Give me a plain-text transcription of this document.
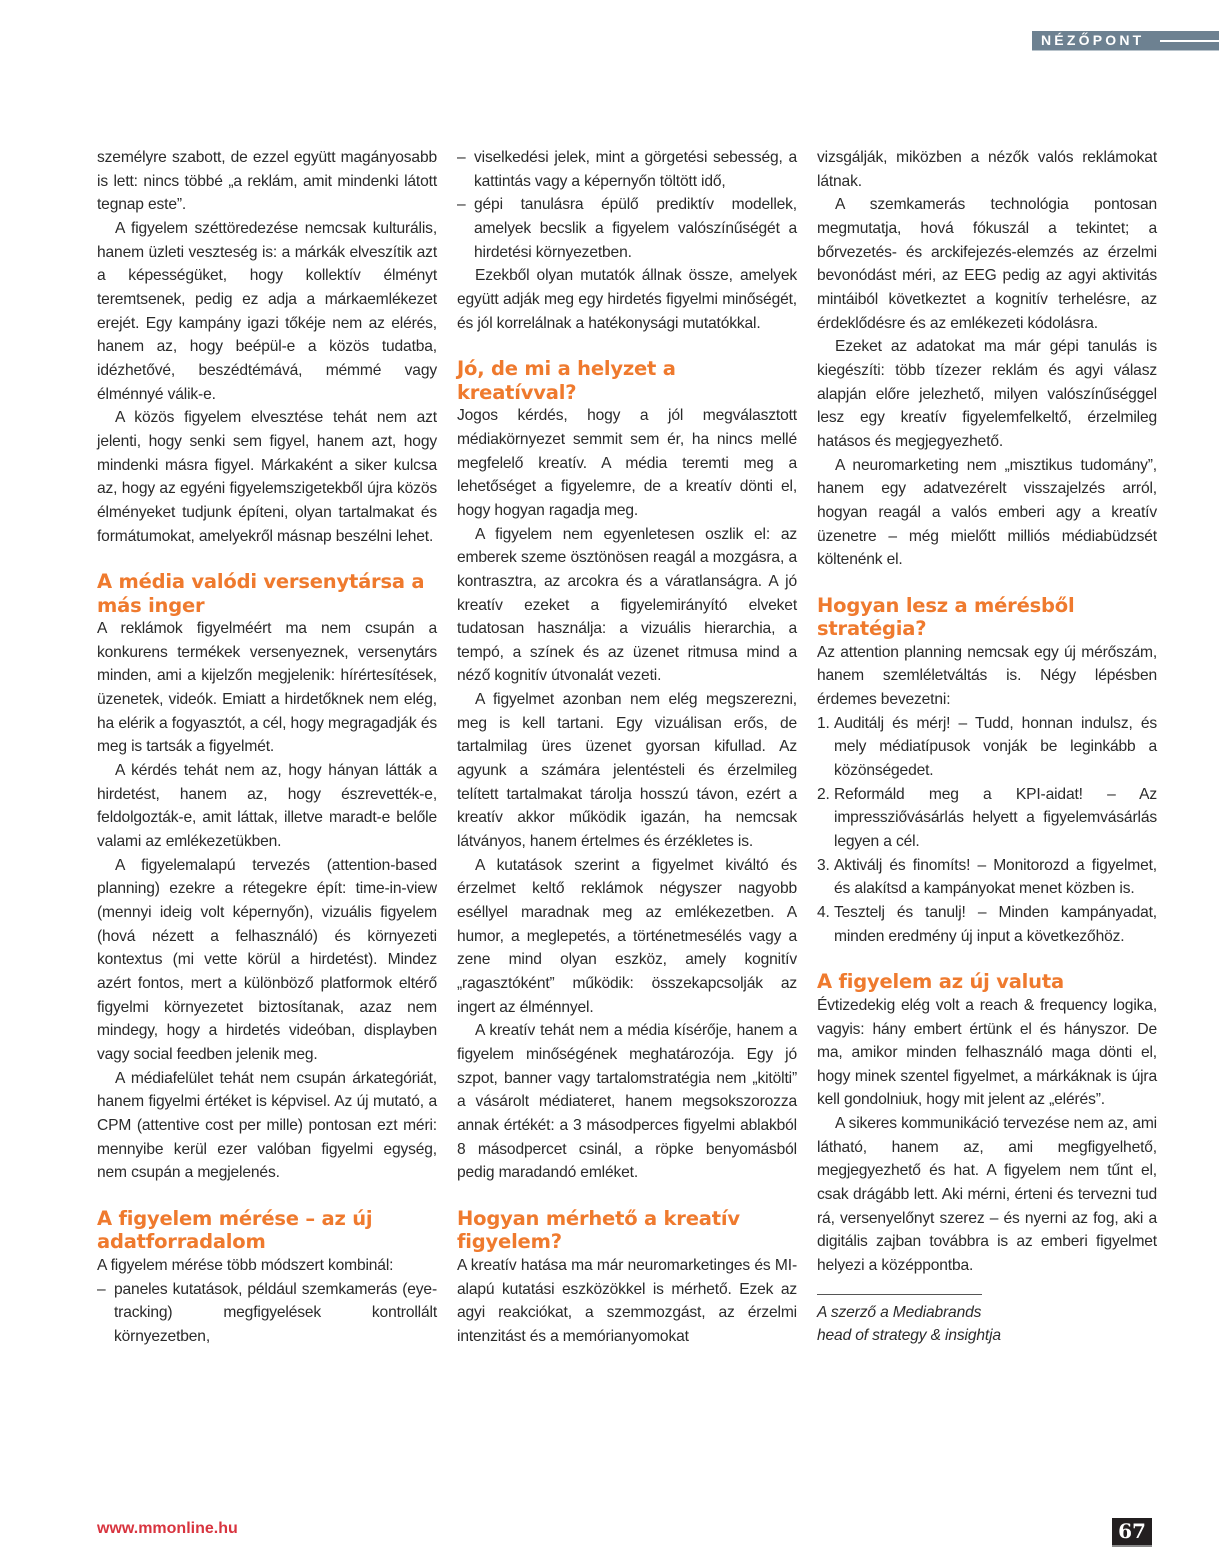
NÉZŐPONT

személyre szabott, de ezzel együtt magányosabb is lett: nincs többé „a reklám, amit mindenki látott tegnap este”.

A figyelem széttöredezése nemcsak kulturális, hanem üzleti veszteség is: a márkák elveszítik azt a képességüket, hogy kollektív élményt teremtsenek, pedig ez adja a márkaemlékezet erejét. Egy kampány igazi tőkéje nem az elérés, hanem az, hogy beépül-e a közös tudatba, idézhetővé, beszédtémává, mémmé vagy élménnyé válik-e.

A közös figyelem elvesztése tehát nem azt jelenti, hogy senki sem figyel, hanem azt, hogy mindenki másra figyel. Márkaként a siker kulcsa az, hogy az egyéni figyelemszigetekből újra közös élményeket tudjunk építeni, olyan tartalmakat és formátumokat, amelyekről másnap beszélni lehet.

A média valódi versenytársa a más inger

A reklámok figyelméért ma nem csupán a konkurens termékek versenyeznek, versenytárs minden, ami a kijelzőn megjelenik: hírértesítések, üzenetek, videók. Emiatt a hirdetőknek nem elég, ha elérik a fogyasztót, a cél, hogy megragadják és meg is tartsák a figyelmét.

A kérdés tehát nem az, hogy hányan látták a hirdetést, hanem az, hogy észrevették-e, feldolgozták-e, amit láttak, illetve maradt-e belőle valami az emlékezetükben.

A figyelemalapú tervezés (attention-based planning) ezekre a rétegekre épít: time-in-view (mennyi ideig volt képernyőn), vizuális figyelem (hová nézett a felhasználó) és környezeti kontextus (mi vette körül a hirdetést). Mindez azért fontos, mert a különböző platformok eltérő figyelmi környezetet biztosítanak, azaz nem mindegy, hogy a hirdetés videóban, displayben vagy social feedben jelenik meg.

A médiafelület tehát nem csupán árkategóriát, hanem figyelmi értéket is képvisel. Az új mutató, a CPM (attentive cost per mille) pontosan ezt méri: mennyibe kerül ezer valóban figyelmi egység, nem csupán a megjelenés.

A figyelem mérése – az új adatforradalom

A figyelem mérése több módszert kombinál:

– paneles kutatások, például szemkamerás (eye-tracking) megfigyelések kontrollált környezetben,
– viselkedési jelek, mint a görgetési sebesség, a kattintás vagy a képernyőn töltött idő,
– gépi tanulásra épülő prediktív modellek, amelyek becslik a figyelem valószínűségét a hirdetési környezetben.

Ezekből olyan mutatók állnak össze, amelyek együtt adják meg egy hirdetés figyelmi minőségét, és jól korrelálnak a hatékonysági mutatókkal.

Jó, de mi a helyzet a kreatívval?

Jogos kérdés, hogy a jól megválasztott médiakörnyezet semmit sem ér, ha nincs mellé megfelelő kreatív. A média teremti meg a lehetőséget a figyelemre, de a kreatív dönti el, hogy hogyan ragadja meg.

A figyelem nem egyenletesen oszlik el: az emberek szeme ösztönösen reagál a mozgásra, a kontrasztra, az arcokra és a váratlanságra. A jó kreatív ezeket a figyelemirányító elveket tudatosan használja: a vizuális hierarchia, a tempó, a színek és az üzenet ritmusa mind a néző kognitív útvonalát vezeti.

A figyelmet azonban nem elég megszerezni, meg is kell tartani. Egy vizuálisan erős, de tartalmilag üres üzenet gyorsan kifullad. Az agyunk a számára jelentésteli és érzelmileg telített tartalmakat tárolja hosszú távon, ezért a kreatív akkor működik igazán, ha nemcsak látványos, hanem értelmes és érzékletes is.

A kutatások szerint a figyelmet kiváltó és érzelmet keltő reklámok négyszer nagyobb eséllyel maradnak meg az emlékezetben. A humor, a meglepetés, a történetmesélés vagy a zene mind olyan eszköz, amely kognitív „ragasztóként” működik: összekapcsolják az ingert az élménnyel.

A kreatív tehát nem a média kísérője, hanem a figyelem minőségének meghatározója. Egy jó szpot, banner vagy tartalomstratégia nem „kitölti” a vásárolt médiateret, hanem megsokszorozza annak értékét: a 3 másodperces figyelmi ablakból 8 másodpercet csinál, a röpke benyomásból pedig maradandó emléket.

Hogyan mérhető a kreatív figyelem?

A kreatív hatása ma már neuromarketinges és MI-alapú kutatási eszközökkel is mérhető. Ezek az agyi reakciókat, a szemmozgást, az érzelmi intenzitást és a memórianyomokat

vizsgálják, miközben a nézők valós reklámokat látnak.

A szemkamerás technológia pontosan megmutatja, hová fókuszál a tekintet; a bőrvezetés- és arckifejezés-elemzés az érzelmi bevonódást méri, az EEG pedig az agyi aktivitás mintáiból következtet a kognitív terhelésre, az érdeklődésre és az emlékezeti kódolásra.

Ezeket az adatokat ma már gépi tanulás is kiegészíti: több tízezer reklám és agyi válasz alapján előre jelezhető, milyen valószínűséggel lesz egy kreatív figyelemfelkeltő, érzelmileg hatásos és megjegyezhető.

A neuromarketing nem „misztikus tudomány”, hanem egy adatvezérelt visszajelzés arról, hogyan reagál a valós emberi agy a kreatív üzenetre – még mielőtt milliós médiabüdzsét költenénk el.

Hogyan lesz a mérésből stratégia?

Az attention planning nemcsak egy új mérőszám, hanem szemléletváltás is. Négy lépésben érdemes bevezetni:

1. Auditálj és mérj! – Tudd, honnan indulsz, és mely médiatípusok vonják be leginkább a közönségedet.
2. Reformáld meg a KPI-aidat! – Az impressziővásárlás helyett a figyelemvásárlás legyen a cél.
3. Aktiválj és finomíts! – Monitorozd a figyelmet, és alakítsd a kampányokat menet közben is.
4. Tesztelj és tanulj! – Minden kampányadat, minden eredmény új input a következőhöz.
A figyelem az új valuta

Évtizedekig elég volt a reach & frequency logika, vagyis: hány embert értünk el és hányszor. De ma, amikor minden felhasználó maga dönti el, hogy minek szentel figyelmet, a márkáknak is újra kell gondolniuk, hogy mit jelent az „elérés”.

A sikeres kommunikáció tervezése nem az, ami látható, hanem az, ami megfigyelhető, megjegyezhető és hat. A figyelem nem tűnt el, csak drágább lett. Aki mérni, érteni és tervezni tud rá, versenyelőnyt szerez – és nyerni az fog, aki a digitális zajban továbbra is az emberi figyelmet helyezi a középpontba.

A szerző a Mediabrands
head of strategy & insightja
www.mmonline.hu	67
